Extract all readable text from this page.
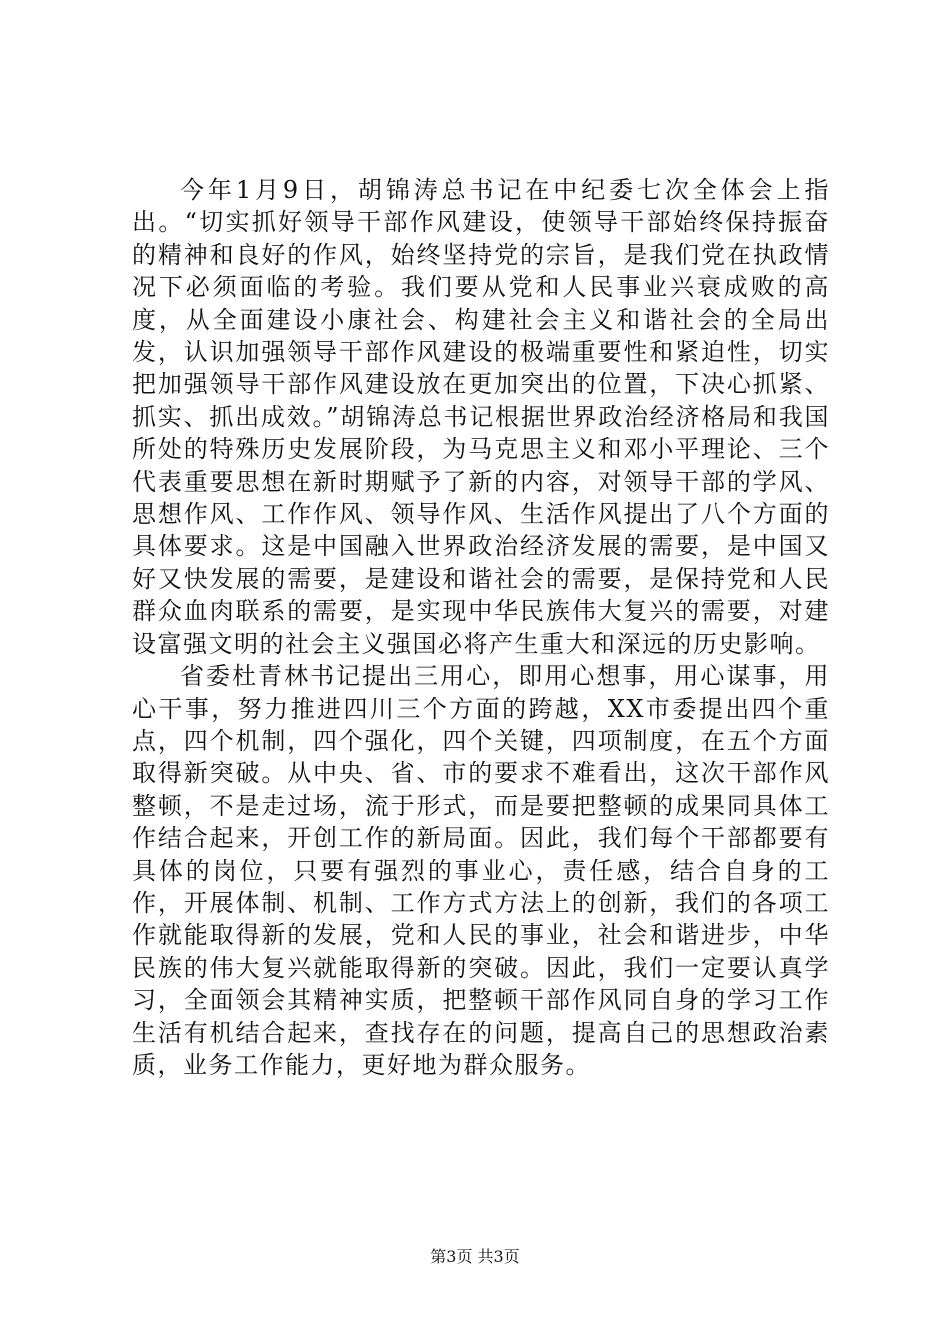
今年1月9日，胡锦涛总书记在中纪委七次全体会上指出。“切实抓好领导干部作风建设，使领导干部始终保持振奋的精神和良好的作风，始终坚持党的宗旨，是我们党在执政情况下必须面临的考验。我们要从党和人民事业兴衰成败的高度，从全面建设小康社会、构建社会主义和谐社会的全局出发，认识加强领导干部作风建设的极端重要性和紧迫性，切实把加强领导干部作风建设放在更加突出的位置，下决心抓紧、抓实、抓出成效。”胡锦涛总书记根据世界政治经济格局和我国所处的特殊历史发展阶段，为马克思主义和邓小平理论、三个代表重要思想在新时期赋予了新的内容，对领导干部的学风、思想作风、工作作风、领导作风、生活作风提出了八个方面的具体要求。这是中国融入世界政治经济发展的需要，是中国又好又快发展的需要，是建设和谐社会的需要，是保持党和人民群众血肉联系的需要，是实现中华民族伟大复兴的需要，对建设富强文明的社会主义强国必将产生重大和深远的历史影响。

省委杜青林书记提出三用心，即用心想事，用心谋事，用心干事，努力推进四川三个方面的跨越，XX市委提出四个重点，四个机制，四个强化，四个关键，四项制度，在五个方面取得新突破。从中央、省、市的要求不难看出，这次干部作风整顿，不是走过场，流于形式，而是要把整顿的成果同具体工作结合起来，开创工作的新局面。因此，我们每个干部都要有具体的岗位，只要有强烈的事业心，责任感，结合自身的工作，开展体制、机制、工作方式方法上的创新，我们的各项工作就能取得新的发展，党和人民的事业，社会和谐进步，中华民族的伟大复兴就能取得新的突破。因此，我们一定要认真学习，全面领会其精神实质，把整顿干部作风同自身的学习工作生活有机结合起来，查找存在的问题，提高自己的思想政治素质，业务工作能力，更好地为群众服务。

第3页 共3页
